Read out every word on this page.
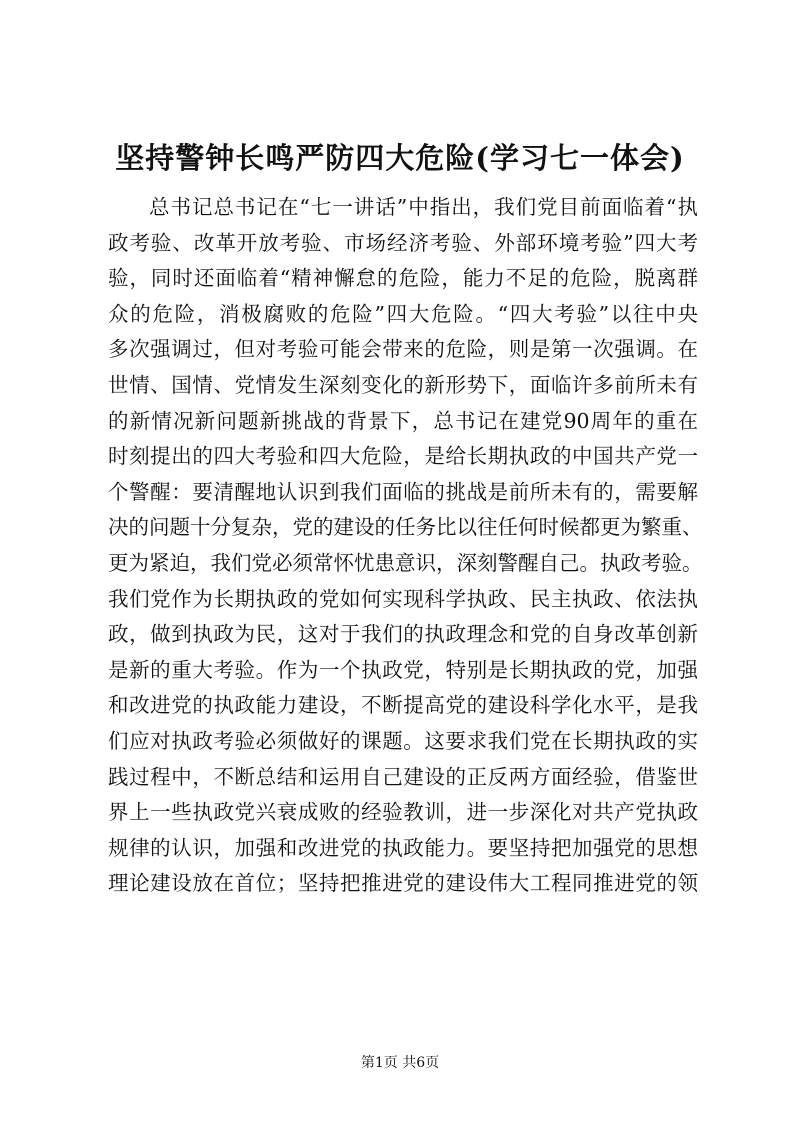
坚持警钟长鸣严防四大危险(学习七一体会)
总书记总书记在“七一讲话”中指出，我们党目前面临着“执
政考验、改革开放考验、市场经济考验、外部环境考验”四大考
验，同时还面临着“精神懈怠的危险，能力不足的危险，脱离群
众的危险，消极腐败的危险”四大危险。“四大考验”以往中央
多次强调过，但对考验可能会带来的危险，则是第一次强调。在
世情、国情、党情发生深刻变化的新形势下，面临许多前所未有
的新情况新问题新挑战的背景下，总书记在建党90周年的重在
时刻提出的四大考验和四大危险，是给长期执政的中国共产党一
个警醒：要清醒地认识到我们面临的挑战是前所未有的，需要解
决的问题十分复杂，党的建设的任务比以往任何时候都更为繁重、
更为紧迫，我们党必须常怀忧患意识，深刻警醒自己。执政考验。
我们党作为长期执政的党如何实现科学执政、民主执政、依法执
政，做到执政为民，这对于我们的执政理念和党的自身改革创新
是新的重大考验。作为一个执政党，特别是长期执政的党，加强
和改进党的执政能力建设，不断提高党的建设科学化水平，是我
们应对执政考验必须做好的课题。这要求我们党在长期执政的实
践过程中，不断总结和运用自己建设的正反两方面经验，借鉴世
界上一些执政党兴衰成败的经验教训，进一步深化对共产党执政
规律的认识，加强和改进党的执政能力。要坚持把加强党的思想
理论建设放在首位；坚持把推进党的建设伟大工程同推进党的领
第1页 共6页
